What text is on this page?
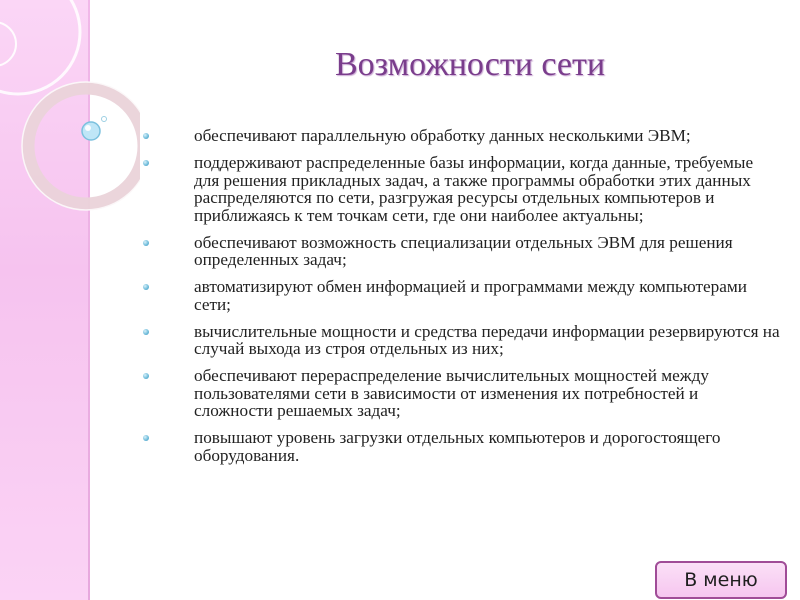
Возможности сети
обеспечивают параллельную обработку данных несколькими ЭВМ;
поддерживают распределенные базы информации, когда данные, требуемые для решения прикладных задач, а также программы обработки этих данных распределяются по сети, разгружая ресурсы отдельных компьютеров и приближаясь к тем точкам сети, где они наиболее актуальны;
обеспечивают возможность специализации отдельных ЭВМ для решения определенных задач;
автоматизируют обмен информацией и программами между компьютерами сети;
вычислительные мощности и средства передачи информации резервируются на случай выхода из строя отдельных из них;
обеспечивают перераспределение вычислительных мощностей между пользователями сети в зависимости от изменения их потребностей и сложности решаемых задач;
повышают уровень загрузки отдельных компьютеров и дорогостоящего оборудования.
В меню
